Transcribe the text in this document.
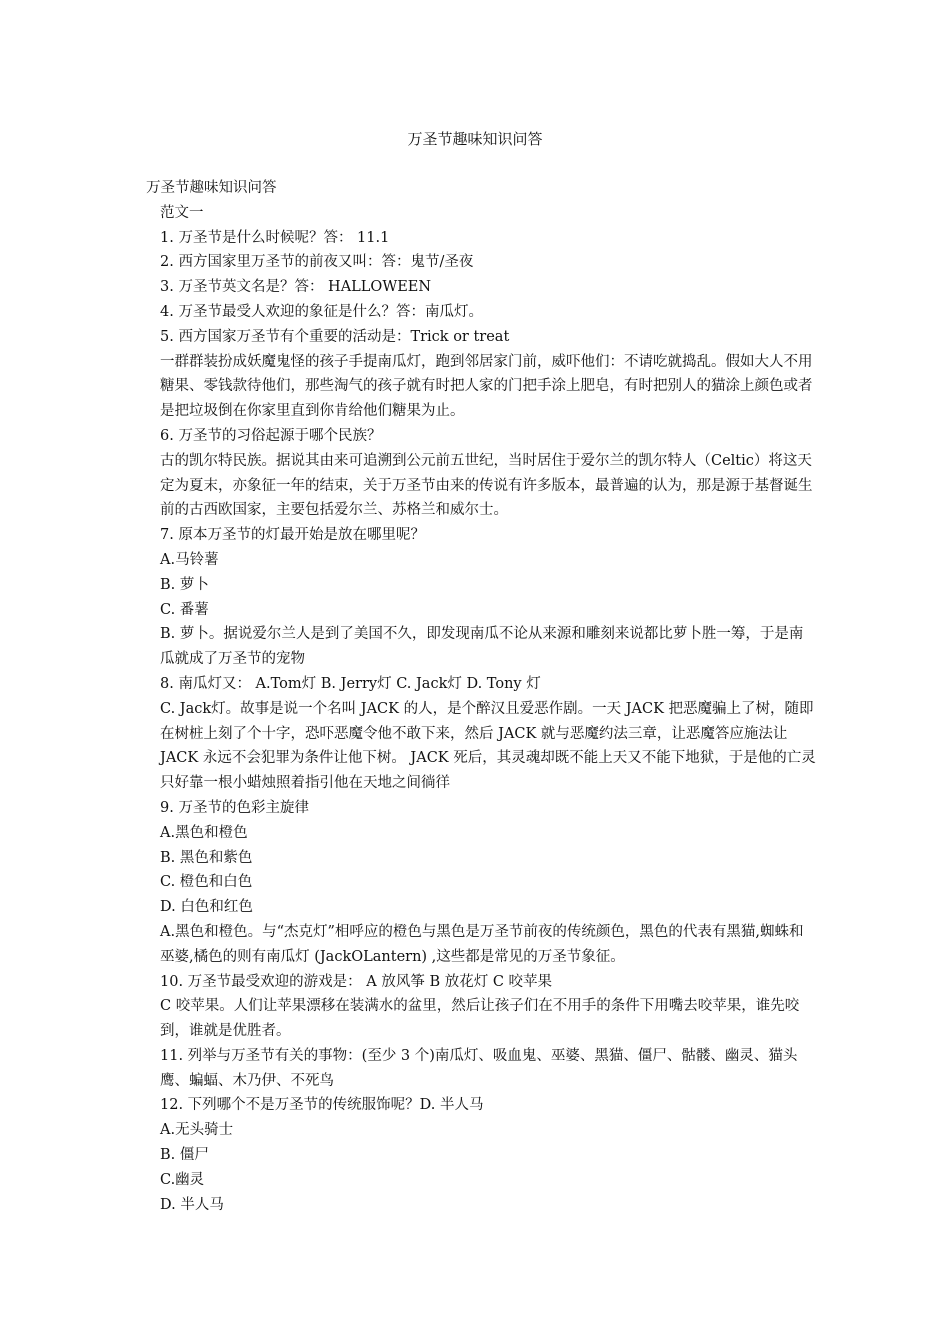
万圣节趣味知识问答

万圣节趣味知识问答

范文一

1. 万圣节是什么时候呢？答： 11.1

2. 西方国家里万圣节的前夜又叫：答：鬼节/圣夜

3. 万圣节英文名是？答： HALLOWEEN

4. 万圣节最受人欢迎的象征是什么？答：南瓜灯。

5. 西方国家万圣节有个重要的活动是：Trick or treat

一群群装扮成妖魔鬼怪的孩子手提南瓜灯，跑到邻居家门前，威吓他们：不请吃就捣乱。假如大人不用糖果、零钱款待他们，那些淘气的孩子就有时把人家的门把手涂上肥皂，有时把别人的猫涂上颜色或者是把垃圾倒在你家里直到你肯给他们糖果为止。

6. 万圣节的习俗起源于哪个民族？

古的凯尔特民族。据说其由来可追溯到公元前五世纪，当时居住于爱尔兰的凯尔特人（Celtic）将这天定为夏末，亦象征一年的结束，关于万圣节由来的传说有许多版本，最普遍的认为，那是源于基督诞生前的古西欧国家，主要包括爱尔兰、苏格兰和威尔士。

7. 原本万圣节的灯最开始是放在哪里呢？

A.马铃薯

B. 萝卜

C. 番薯

B. 萝卜。据说爱尔兰人是到了美国不久，即发现南瓜不论从来源和雕刻来说都比萝卜胜一筹，于是南瓜就成了万圣节的宠物

8. 南瓜灯又： A.Tom灯 B. Jerry灯 C. Jack灯 D. Tony 灯

C. Jack灯。故事是说一个名叫 JACK 的人，是个醉汉且爱恶作剧。一天 JACK 把恶魔骗上了树，随即在树桩上刻了个十字，恐吓恶魔令他不敢下来，然后 JACK 就与恶魔约法三章，让恶魔答应施法让 JACK 永远不会犯罪为条件让他下树。 JACK 死后，其灵魂却既不能上天又不能下地狱，于是他的亡灵只好靠一根小蜡烛照着指引他在天地之间徜徉

9. 万圣节的色彩主旋律

A.黑色和橙色

B. 黑色和紫色

C. 橙色和白色

D. 白色和红色

A.黑色和橙色。与“杰克灯”相呼应的橙色与黑色是万圣节前夜的传统颜色，黑色的代表有黑猫,蜘蛛和巫婆,橘色的则有南瓜灯 (JackOLantern) ,这些都是常见的万圣节象征。

10. 万圣节最受欢迎的游戏是： A 放风筝 B 放花灯 C 咬苹果

C 咬苹果。人们让苹果漂移在装满水的盆里，然后让孩子们在不用手的条件下用嘴去咬苹果，谁先咬到，谁就是优胜者。

11. 列举与万圣节有关的事物：(至少 3 个)南瓜灯、吸血鬼、巫婆、黑猫、僵尸、骷髅、幽灵、猫头鹰、蝙蝠、木乃伊、不死鸟

12. 下列哪个不是万圣节的传统服饰呢？D. 半人马

A.无头骑士

B. 僵尸

C.幽灵

D. 半人马
